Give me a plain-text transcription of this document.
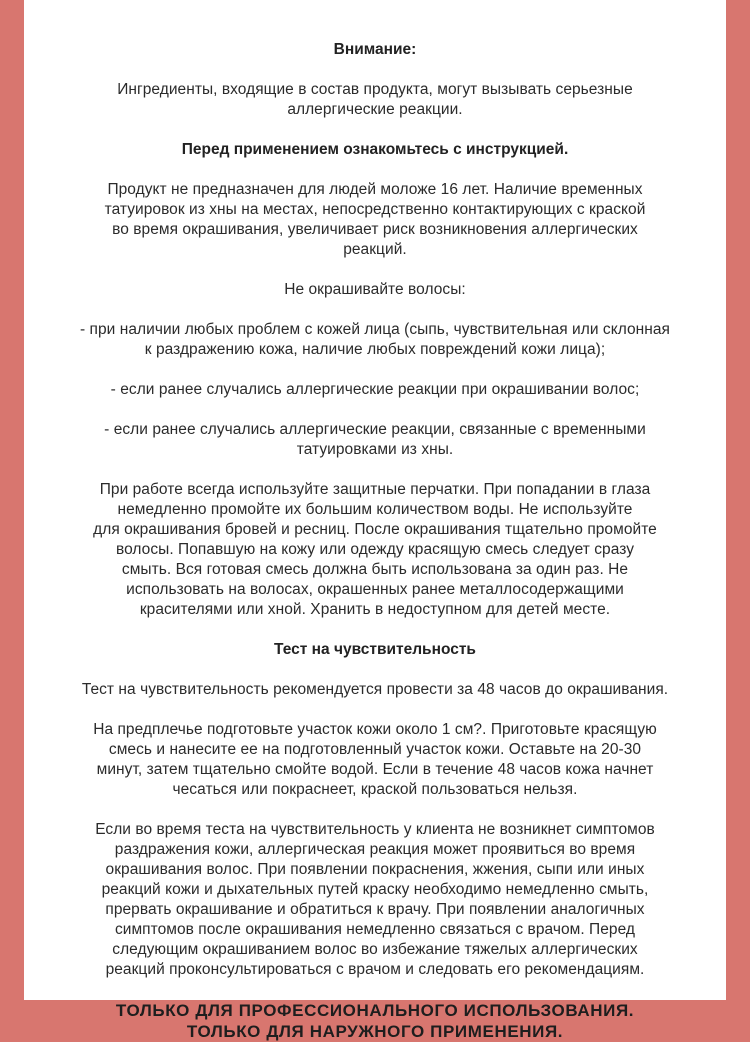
Внимание:

Ингредиенты, входящие в состав продукта, могут вызывать серьезные
аллергические реакции.

Перед применением ознакомьтесь с инструкцией.

Продукт не предназначен для людей моложе 16 лет. Наличие временных
татуировок из хны на местах, непосредственно контактирующих с краской
во время окрашивания, увеличивает риск возникновения аллергических
реакций.

Не окрашивайте волосы:

- при наличии любых проблем с кожей лица (сыпь, чувствительная или склонная
к раздражению кожа, наличие любых повреждений кожи лица);

- если ранее случались аллергические реакции при окрашивании волос;

- если ранее случались аллергические реакции, связанные с временными
татуировками из хны.

При работе всегда используйте защитные перчатки. При попадании в глаза
немедленно промойте их большим количеством воды. Не используйте
для окрашивания бровей и ресниц. После окрашивания тщательно промойте
волосы. Попавшую на кожу или одежду красящую смесь следует сразу
смыть. Вся готовая смесь должна быть использована за один раз. Не
использовать на волосах, окрашенных ранее металлосодержащими
красителями или хной. Хранить в недоступном для детей месте.

Тест на чувствительность

Тест на чувствительность рекомендуется провести за 48 часов до окрашивания.

На предплечье подготовьте участок кожи около 1 см?. Приготовьте красящую
смесь и нанесите ее на подготовленный участок кожи. Оставьте на 20-30
минут, затем тщательно смойте водой. Если в течение 48 часов кожа начнет
чесаться или покраснеет, краской пользоваться нельзя.

Если во время теста на чувствительность у клиента не возникнет симптомов
раздражения кожи, аллергическая реакция может проявиться во время
окрашивания волос. При появлении покраснения, жжения, сыпи или иных
реакций кожи и дыхательных путей краску необходимо немедленно смыть,
прервать окрашивание и обратиться к врачу. При появлении аналогичных
симптомов после окрашивания немедленно связаться с врачом. Перед
следующим окрашиванием волос во избежание тяжелых аллергических
реакций проконсультироваться с врачом и следовать его рекомендациям.

ТОЛЬКО ДЛЯ ПРОФЕССИОНАЛЬНОГО ИСПОЛЬЗОВАНИЯ.
ТОЛЬКО ДЛЯ НАРУЖНОГО ПРИМЕНЕНИЯ.
